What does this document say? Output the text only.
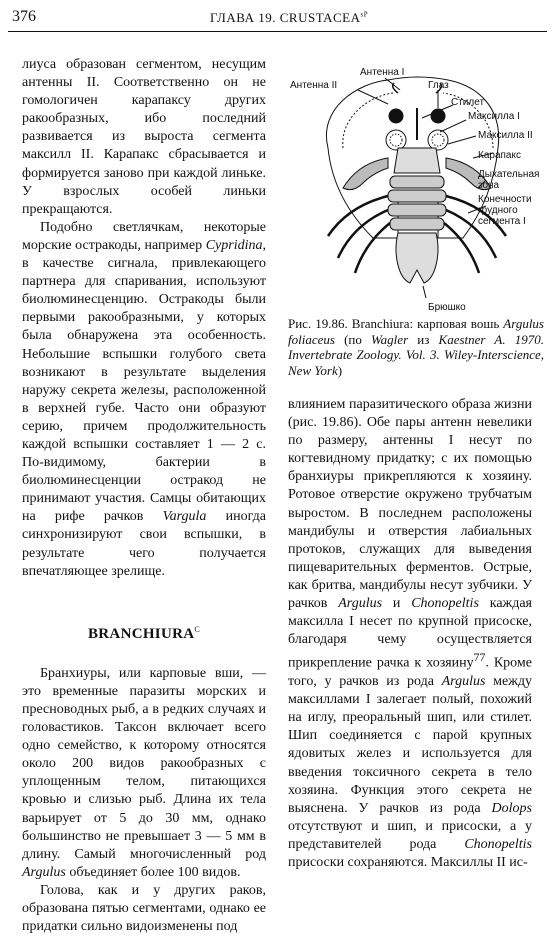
376	ГЛАВА 19. $CRUSTACEA^{sP}$
Антенна I
Антенна II	Глаз
Стилет
Максилла I
Максилла II
Карапакс
Дыхательная
зона
Конечности
грудного
сегмента I
Брюшко
Рис. 19.86. Branchiura: карповая вошь Argulus foliaceus (по Wagler из Kaestner A. 1970. Invertebrate Zoology. Vol. 3. Wiley-Interscience, New York)

лиуса образован сегментом, несущим антенны II. Соответственно он не гомологичен карапаксу других ракообразных, ибо последний развивается из выроста сегмента максилл II. Карапакс сбрасывается и формируется заново при каждой линьке. У взрослых особей линьки прекращаются.

Подобно светлячкам, некоторые морские остракоды, например Cypridina, в качестве сигнала, привлекающего партнера для спаривания, используют биолюминесценцию. Остракоды были первыми ракообразными, у которых была обнаружена эта особенность. Небольшие вспышки голубого света возникают в результате выделения наружу секрета железы, расположенной в верхней губе. Часто они образуют серию, причем продолжительность каждой вспышки составляет 1 — 2 с. По-видимому, бактерии в биолюминесценции остракод не принимают участия. Самцы обитающих на рифе рачков Vargula иногда синхронизируют свои вспышки, в результате чего получается впечатляющее зрелище.

$BRANCHIURA^C$

Бранхиуры, или карповые вши, — это временные паразиты морских и пресноводных рыб, а в редких случаях и головастиков. Таксон включает всего одно семейство, к которому относятся около 200 видов ракообразных с уплощенным телом, питающихся кровью и слизью рыб. Длина их тела варьирует от 5 до 30 мм, однако большинство не превышает 3 — 5 мм в длину. Самый многочисленный род Argulus объединяет более 100 видов.

Голова, как и у других раков, образована пятью сегментами, однако ее придатки сильно видоизменены под

влиянием паразитического образа жизни (рис. 19.86). Обе пары антенн невелики по размеру, антенны I несут по когтевидному придатку; с их помощью бранхиуры прикрепляются к хозяину. Ротовое отверстие окружено трубчатым выростом. В последнем расположены мандибулы и отверстия лабиальных протоков, служащих для выведения пищеварительных ферментов. Острые, как бритва, мандибулы несут зубчики. У рачков Argulus и Chonopeltis каждая максилла I несет по крупной присоске, благодаря чему осуществляется прикрепление рачка к хозяину$^{77}$. Кроме того, у рачков из рода Argulus между максиллами I залегает полый, похожий на иглу, преоральный шип, или стилет. Шип соединяется с парой крупных ядовитых желез и используется для введения токсичного секрета в тело хозяина. Функция этого секрета не выяснена. У рачков из рода Dolops отсутствуют и шип, и присоски, а у представителей рода Chonopeltis присоски сохраняются. Максиллы II ис-
